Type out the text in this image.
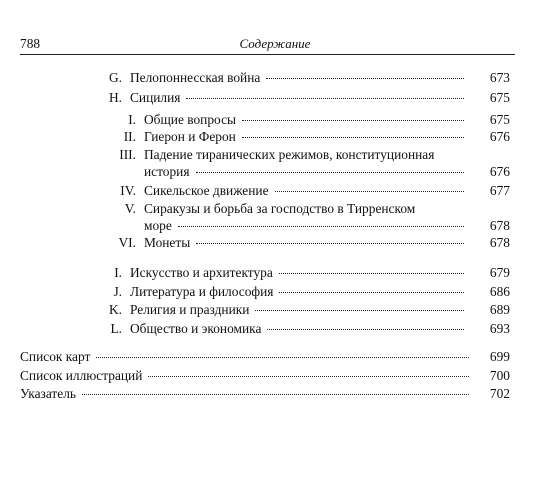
788	Содержание
G. Пелопоннесская война	673
H. Сицилия	675
I. Общие вопросы	675
II. Гиерон и Ферон	676
III. Падение тиранических режимов, конституционная
история	676
IV. Сикельское движение	677
V. Сиракузы и борьба за господство в Тирренском
море	678
VI. Монеты	678
I. Искусство и архитектура	679
J. Литература и философия	686
K. Религия и праздники	689
L. Общество и экономика	693
Список карт	699
Список иллюстраций	700
Указатель	702
